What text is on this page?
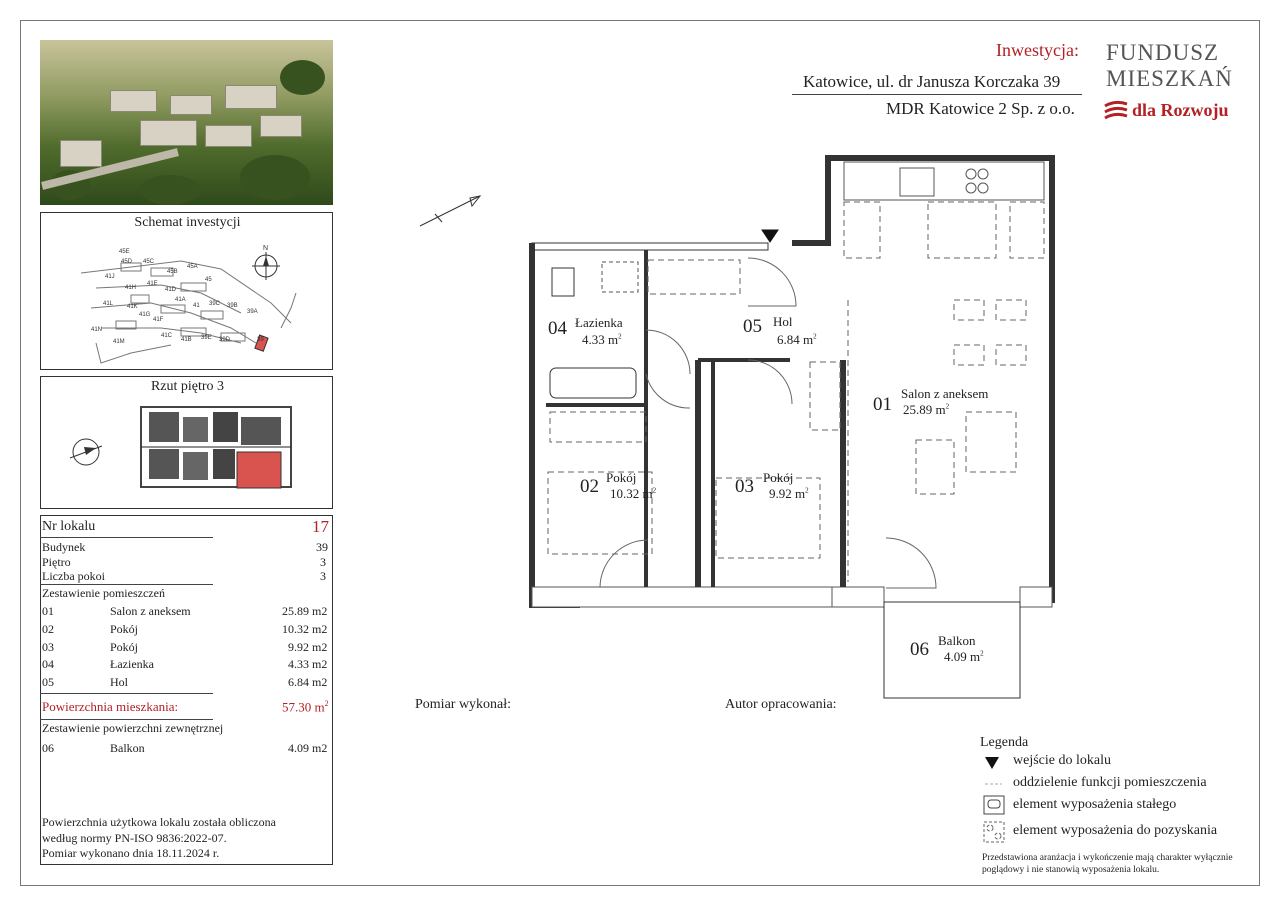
Schemat investycji
45E
45D 45C
45B
45A
45
41J
41H
41E
41D
41L 41K
41G
41F
41A
41 39C 39B
39A
41N
41M
41C
41B 39E 39D	39
N
Rzut piętro 3
Nr lokalu	17
Budynek	39
Piętro	3
Liczba pokoi	3
Zestawienie pomieszczeń
01	Salon z aneksem	25.89 m2
02	Pokój	10.32 m2
03	Pokój	9.92 m2
04	Łazienka	4.33 m2
05	Hol	6.84 m2
Powierzchnia mieszkania:	57.30 $m^2$
Zestawienie powierzchni zewnętrznej
06	Balkon	4.09 m2
Powierzchnia użytkowa lokalu została obliczona
według normy PN-ISO 9836:2022-07.
Pomiar wykonano dnia 18.11.2024 r.
Inwestycja:
Katowice, ul. dr Janusza Korczaka 39
MDR Katowice 2 Sp. z o.o.
FUNDUSZ
MIESZKAŃ
dla Rozwoju
04 Łazienka
4.33 $m^2$	05 Hol
6.84 $m^2$
01
Salon z aneksem
25.89 $m^2$
02 Pokój
10.32 $m^2$	03 Pokój
9.92 $m^2$
06 Balkon
4.09 $m^2$
Pomiar wykonał:	Autor opracowania:
Legenda
wejście do lokalu
oddzielenie funkcji pomieszczenia
element wyposażenia stałego
element wyposażenia do pozyskania
Przedstawiona aranżacja i wykończenie mają charakter wyłącznie
poglądowy i nie stanowią wyposażenia lokalu.
